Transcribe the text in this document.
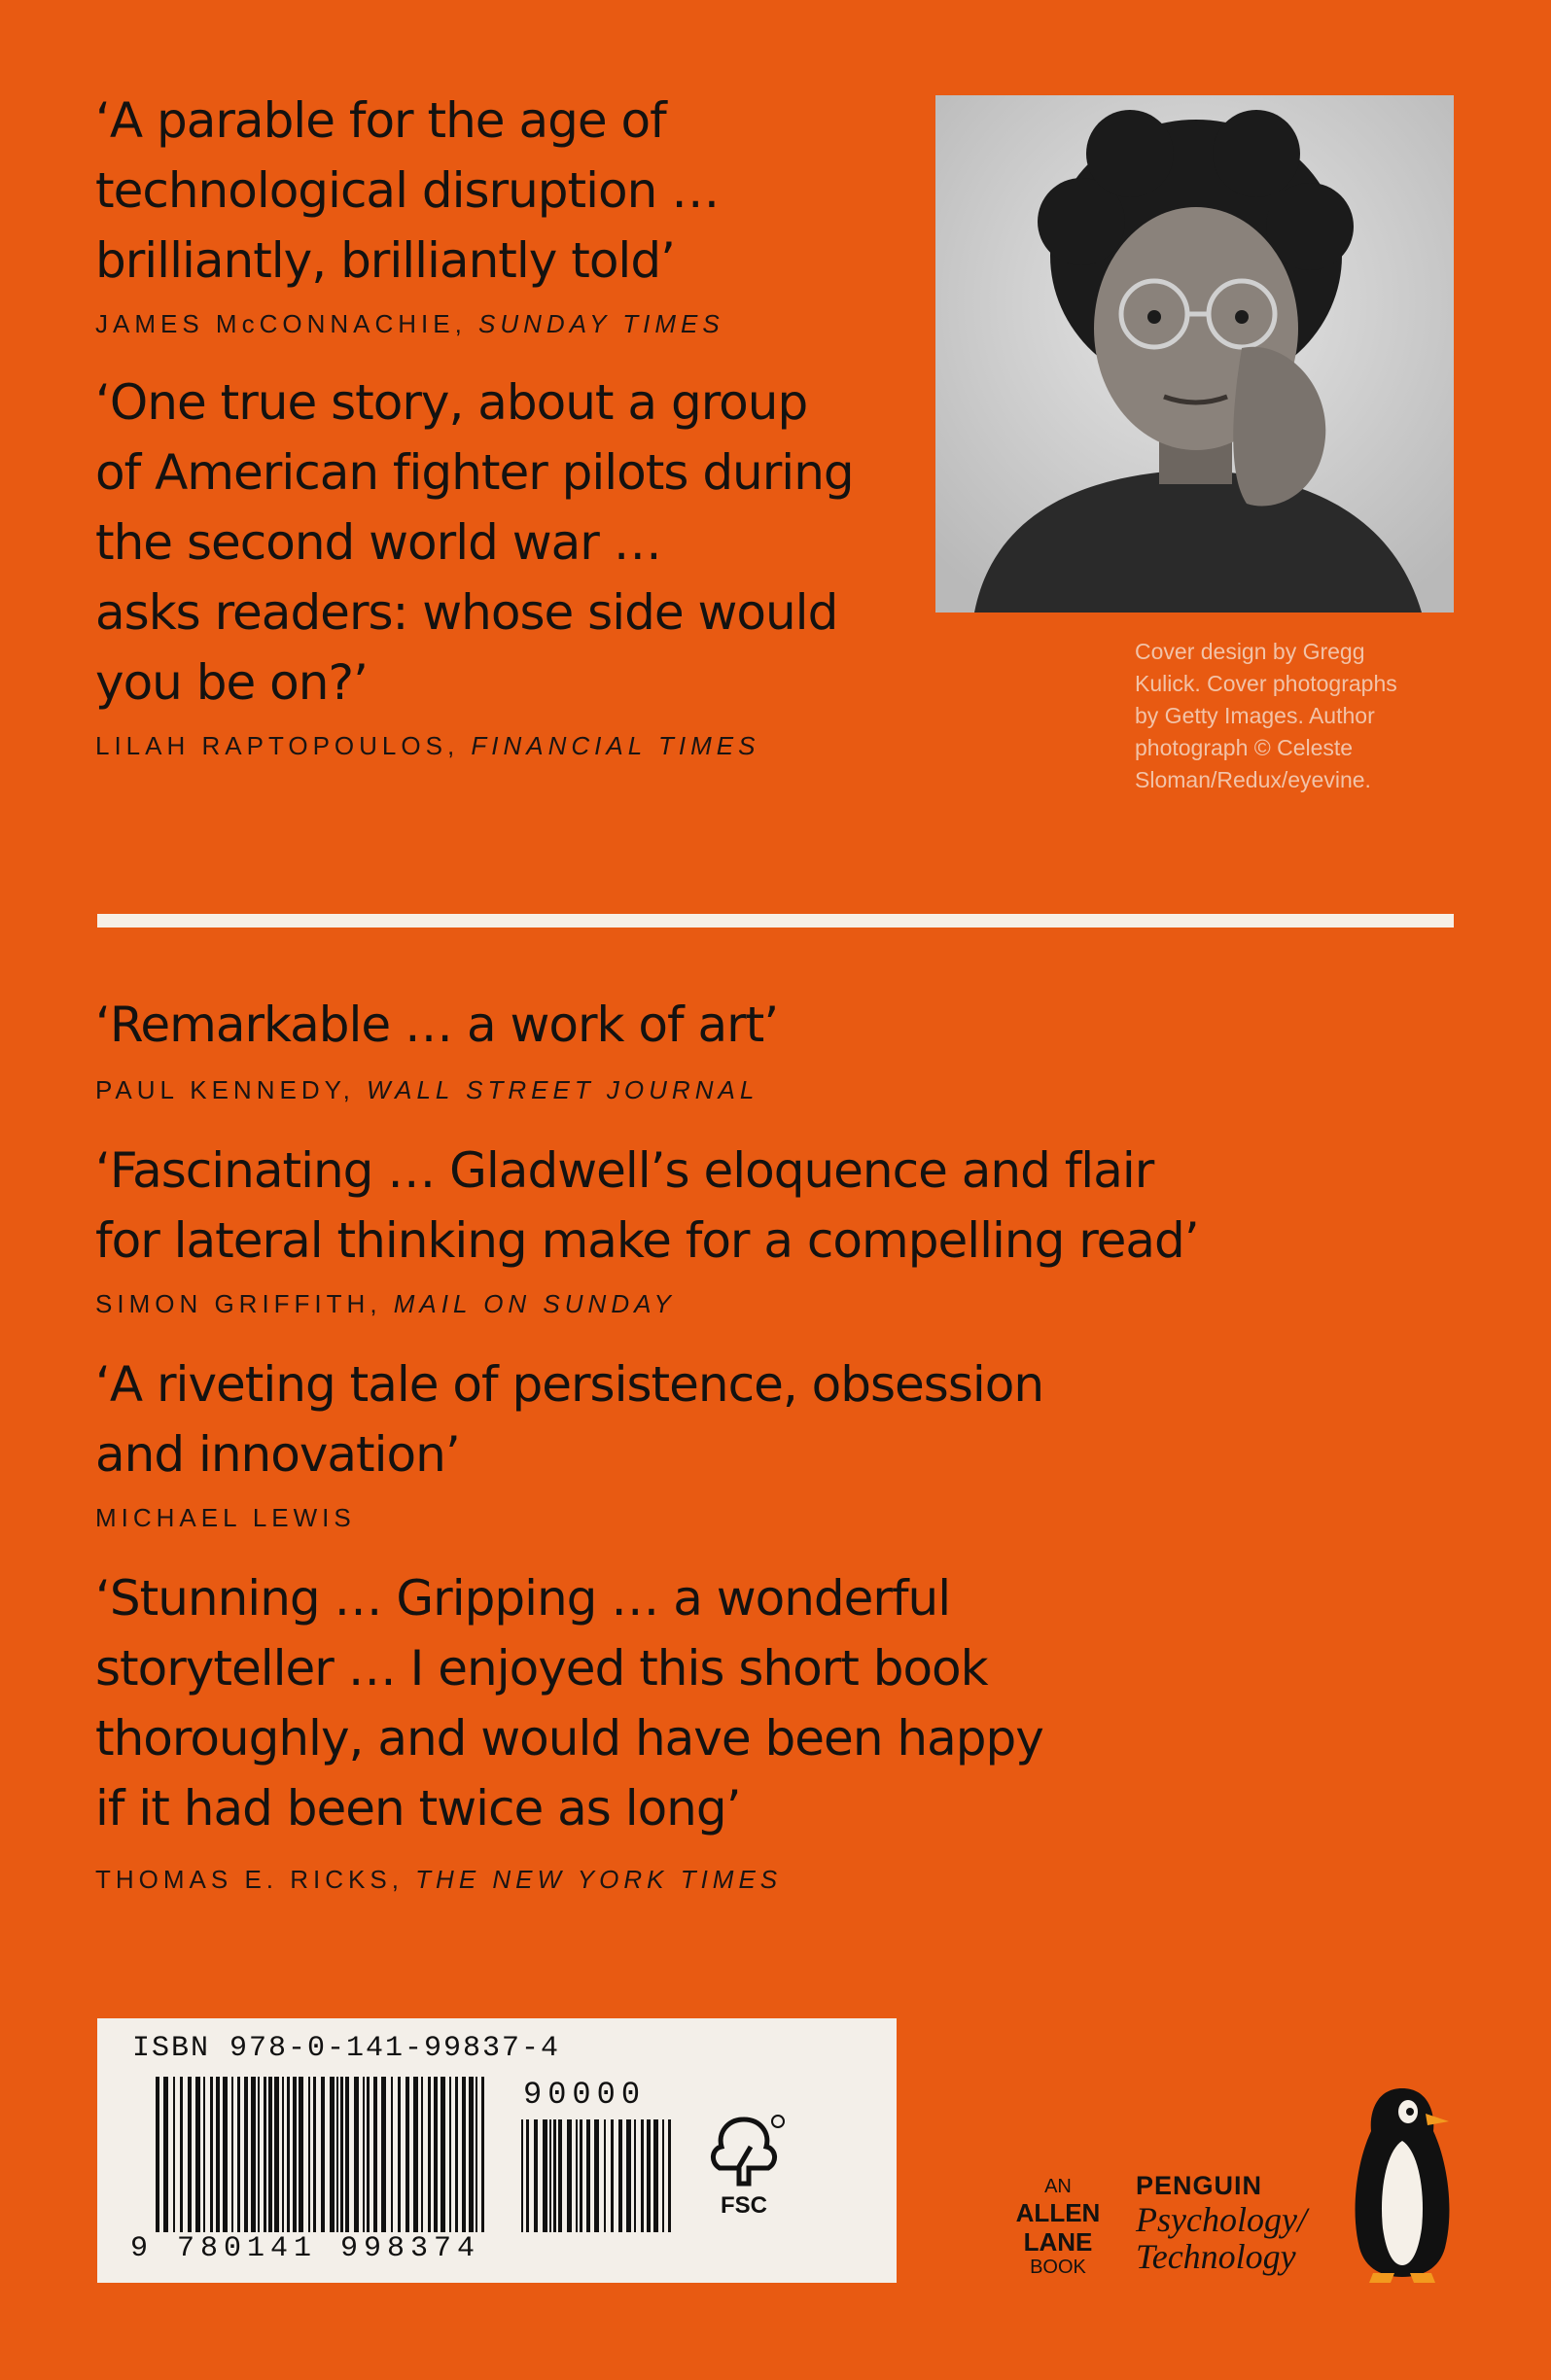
‘A parable for the age of
technological disruption …
brilliantly, brilliantly told’

JAMES McCONNACHIE, SUNDAY TIMES

‘One true story, about a group
of American fighter pilots during
the second world war …
asks readers: whose side would
you be on?’

LILAH RAPTOPOULOS, FINANCIAL TIMES
Cover design by Gregg
Kulick. Cover photographs
by Getty Images. Author
photograph © Celeste
Sloman/Redux/eyevine.

‘Remarkable … a work of art’

PAUL KENNEDY, WALL STREET JOURNAL

‘Fascinating … Gladwell’s eloquence and flair
for lateral thinking make for a compelling read’

SIMON GRIFFITH, MAIL ON SUNDAY

‘A riveting tale of persistence, obsession
and innovation’

MICHAEL LEWIS

‘Stunning … Gripping … a wonderful
storyteller … I enjoyed this short book
thoroughly, and would have been happy
if it had been twice as long’

THOMAS E. RICKS, THE NEW YORK TIMES
ISBN 978-0-141-99837-4
90000
9 780141 998374
FSC
AN
ALLEN
LANE
BOOK
PENGUIN
Psychology/
Technology
